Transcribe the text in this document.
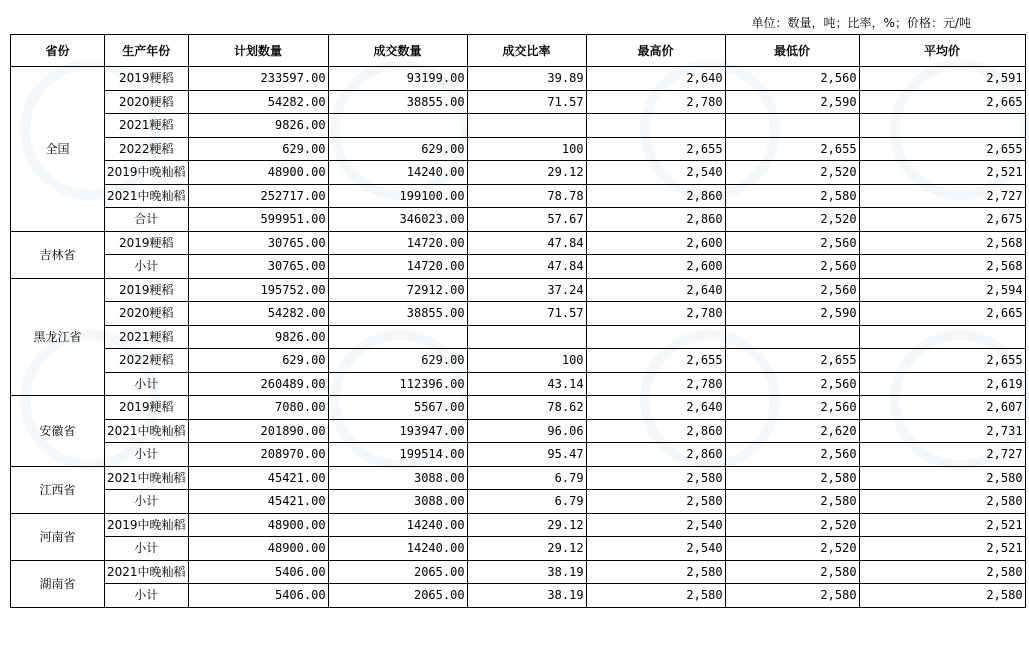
单位：数量，吨；比率，%；价格：元/吨
省份	生产年份	计划数量	成交数量	成交比率	最高价	最低价	平均价
全国	2019粳稻	233597.00	93199.00	39.89	2,640	2,560	2,591
	2020粳稻	54282.00	38855.00	71.57	2,780	2,590	2,665
	2021粳稻	9826.00					
	2022粳稻	629.00	629.00	100	2,655	2,655	2,655
	2019中晚籼稻	48900.00	14240.00	29.12	2,540	2,520	2,521
	2021中晚籼稻	252717.00	199100.00	78.78	2,860	2,580	2,727
	合计	599951.00	346023.00	57.67	2,860	2,520	2,675
吉林省	2019粳稻	30765.00	14720.00	47.84	2,600	2,560	2,568
	小计	30765.00	14720.00	47.84	2,600	2,560	2,568
黑龙江省	2019粳稻	195752.00	72912.00	37.24	2,640	2,560	2,594
	2020粳稻	54282.00	38855.00	71.57	2,780	2,590	2,665
	2021粳稻	9826.00					
	2022粳稻	629.00	629.00	100	2,655	2,655	2,655
	小计	260489.00	112396.00	43.14	2,780	2,560	2,619
安徽省	2019粳稻	7080.00	5567.00	78.62	2,640	2,560	2,607
	2021中晚籼稻	201890.00	193947.00	96.06	2,860	2,620	2,731
	小计	208970.00	199514.00	95.47	2,860	2,560	2,727
江西省	2021中晚籼稻	45421.00	3088.00	6.79	2,580	2,580	2,580
	小计	45421.00	3088.00	6.79	2,580	2,580	2,580
河南省	2019中晚籼稻	48900.00	14240.00	29.12	2,540	2,520	2,521
	小计	48900.00	14240.00	29.12	2,540	2,520	2,521
湖南省	2021中晚籼稻	5406.00	2065.00	38.19	2,580	2,580	2,580
	小计	5406.00	2065.00	38.19	2,580	2,580	2,580
